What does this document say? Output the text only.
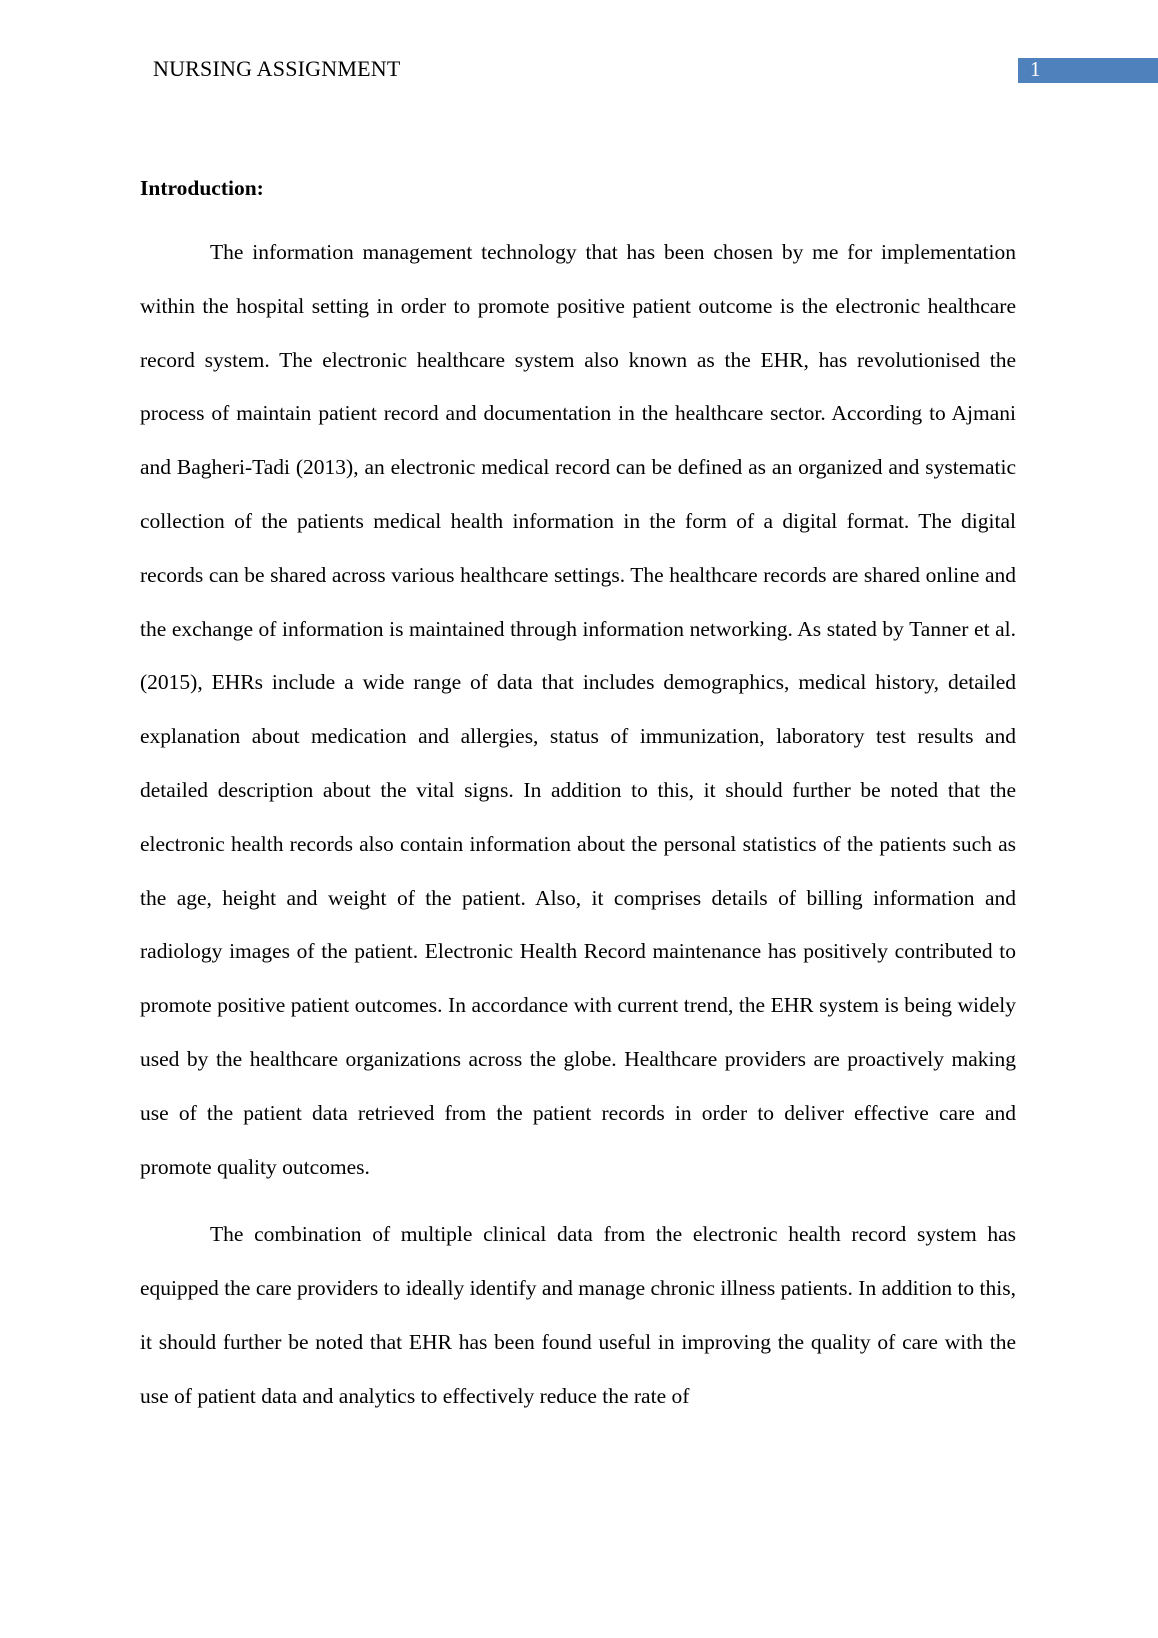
NURSING ASSIGNMENT	1
Introduction:

The information management technology that has been chosen by me for implementation within the hospital setting in order to promote positive patient outcome is the electronic healthcare record system. The electronic healthcare system also known as the EHR, has revolutionised the process of maintain patient record and documentation in the healthcare sector. According to Ajmani and Bagheri-Tadi (2013), an electronic medical record can be defined as an organized and systematic collection of the patients medical health information in the form of a digital format. The digital records can be shared across various healthcare settings. The healthcare records are shared online and the exchange of information is maintained through information networking. As stated by Tanner et al. (2015), EHRs include a wide range of data that includes demographics, medical history, detailed explanation about medication and allergies, status of immunization, laboratory test results and detailed description about the vital signs. In addition to this, it should further be noted that the electronic health records also contain information about the personal statistics of the patients such as the age, height and weight of the patient. Also, it comprises details of billing information and radiology images of the patient. Electronic Health Record maintenance has positively contributed to promote positive patient outcomes. In accordance with current trend, the EHR system is being widely used by the healthcare organizations across the globe. Healthcare providers are proactively making use of the patient data retrieved from the patient records in order to deliver effective care and promote quality outcomes.

The combination of multiple clinical data from the electronic health record system has equipped the care providers to ideally identify and manage chronic illness patients. In addition to this, it should further be noted that EHR has been found useful in improving the quality of care with the use of patient data and analytics to effectively reduce the rate of
